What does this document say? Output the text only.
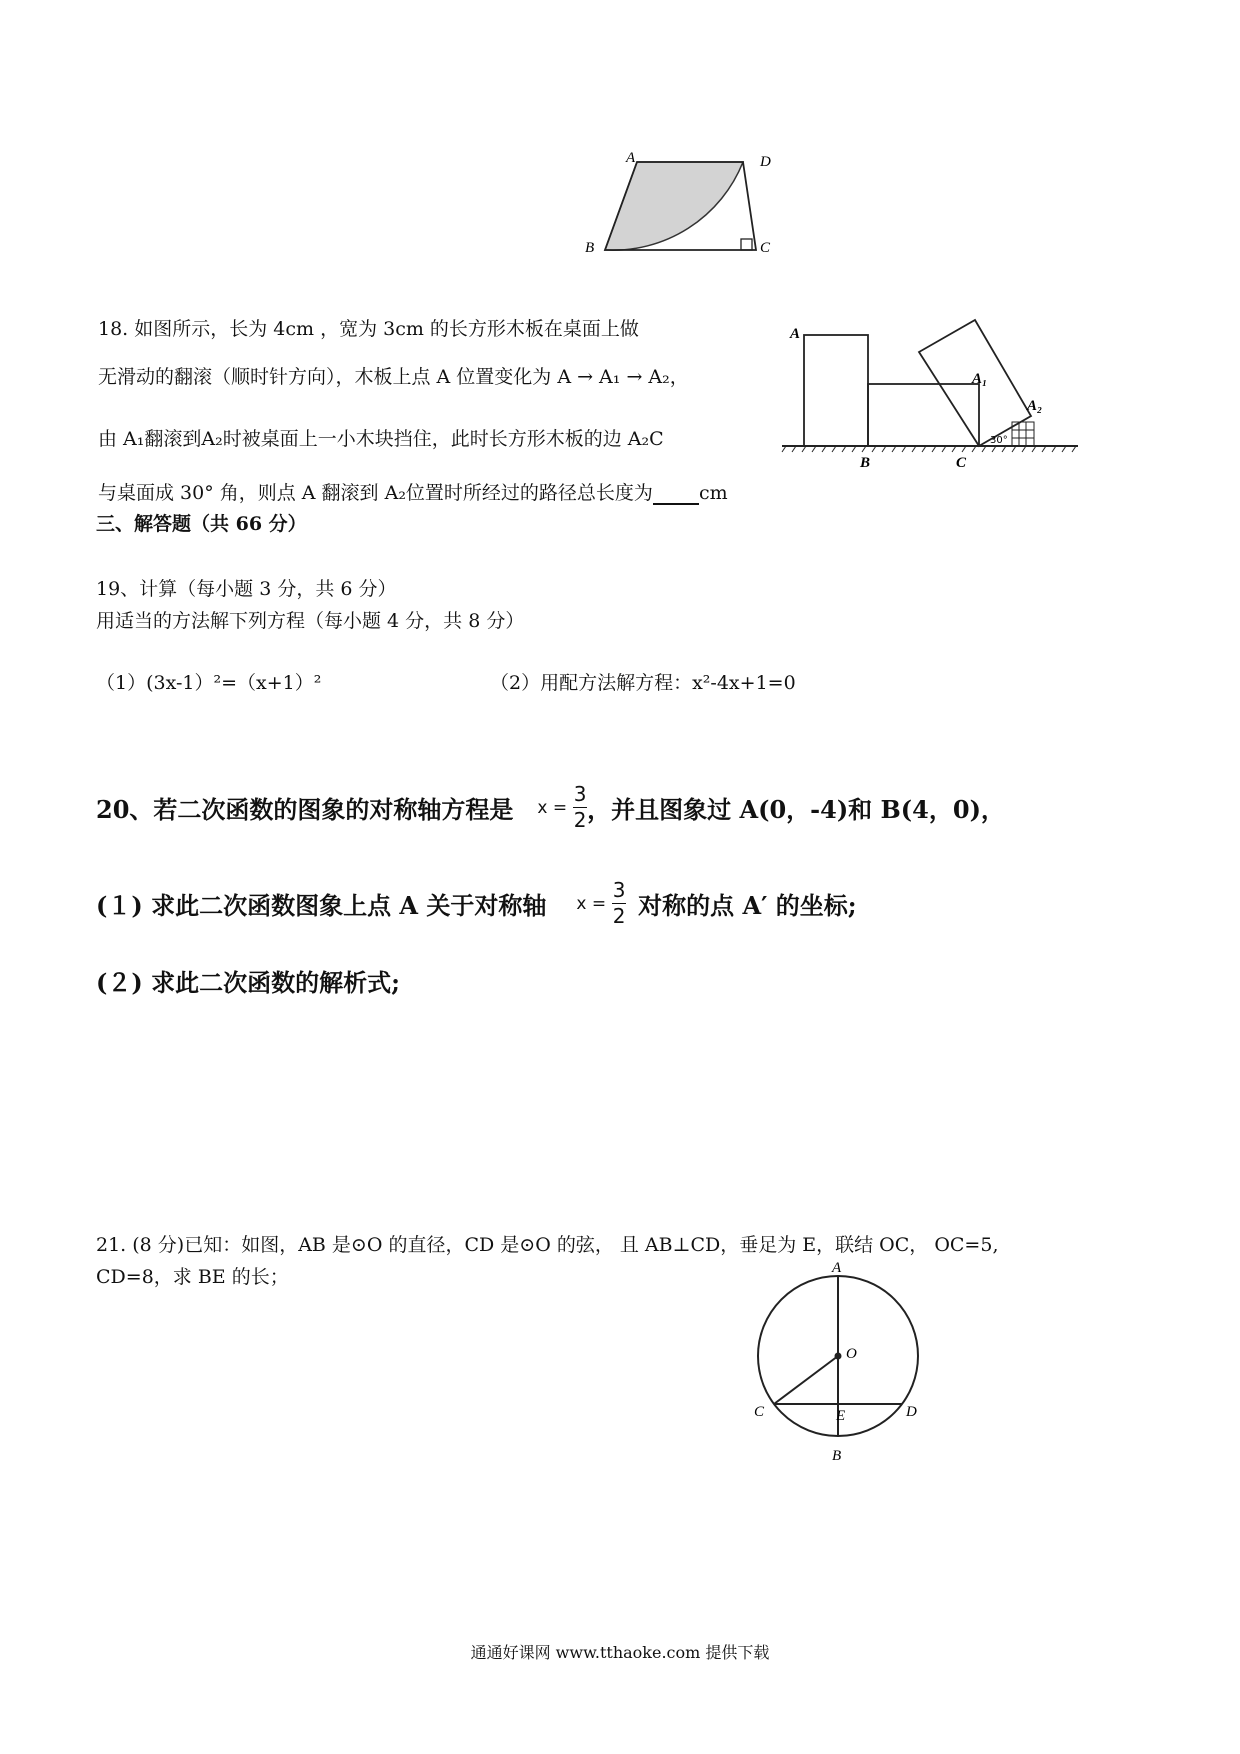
A	D
B	C
18. 如图所示，长为 4cm ，宽为 3cm 的长方形木板在桌面上做
无滑动的翻滚（顺时针方向），木板上点 A 位置变化为 A → A₁ → A₂，
由 A₁翻滚到A₂时被桌面上一小木块挡住，此时长方形木板的边 A₂C
与桌面成 30° 角，则点 A 翻滚到 A₂位置时所经过的路径总长度为 cm
A
A₁
A₂
B	C
30°
三、解答题（共 66 分）
19、计算（每小题 3 分，共 6 分）
用适当的方法解下列方程（每小题 4 分，共 8 分）
（1）(3x-1）²=（x+1）²	（2）用配方法解方程：x²-4x+1=0
20、若二次函数的图象的对称轴方程是 $x = \frac{3}{2}$ ，并且图象过 A(0，-4)和 B(4，0)，
(１) 求此二次函数图象上点 A 关于对称轴 $x = \frac{3}{2}$ 对称的点 A′ 的坐标;
(２) 求此二次函数的解析式;
21. (8 分)已知：如图，AB 是⊙O 的直径，CD 是⊙O 的弦， 且 AB⊥CD，垂足为 E，联结 OC， OC=5,
CD=8，求 BE 的长；	A
O
C	E	D
B
通通好课网 www.tthaoke.com 提供下载
